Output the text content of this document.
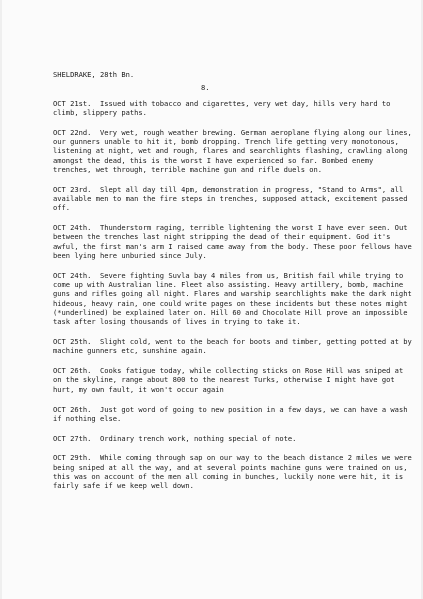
SHELDRAKE, 28th Bn.
8.
OCT 21st. Issued with tobacco and cigarettes, very wet day, hills very hard to climb, slippery paths.
OCT 22nd. Very wet, rough weather brewing. German aeroplane flying along our lines, our gunners unable to hit it, bomb dropping. Trench life getting very monotonous, listening at night, wet and rough, flares and searchlights flashing, crawling along amongst the dead, this is the worst I have experienced so far. Bombed enemy trenches, wet through, terrible machine gun and rifle duels on.
OCT 23rd. Slept all day till 4pm, demonstration in progress, "Stand to Arms", all available men to man the fire steps in trenches, supposed attack, excitement passed off.
OCT 24th. Thunderstorm raging, terrible lightening the worst I have ever seen. Out between the trenches last night stripping the dead of their equipment. God it's awful, the first man's arm I raised came away from the body. These poor fellows have been lying here unburied since July.
OCT 24th. Severe fighting Suvla bay 4 miles from us, British fail while trying to come up with Australian line. Fleet also assisting. Heavy artillery, bomb, machine guns and rifles going all night. Flares and warship searchlights make the dark night hideous, heavy rain, one could write pages on these incidents but these notes might (*underlined) be explained later on. Hill 60 and Chocolate Hill prove an impossible task after losing thousands of lives in trying to take it.
OCT 25th. Slight cold, went to the beach for boots and timber, getting potted at by machine gunners etc, sunshine again.
OCT 26th. Cooks fatigue today, while collecting sticks on Rose Hill was sniped at on the skyline, range about 800 to the nearest Turks, otherwise I might have got hurt, my own fault, it won't occur again
OCT 26th. Just got word of going to new position in a few days, we can have a wash if nothing else.
OCT 27th. Ordinary trench work, nothing special of note.
OCT 29th. While coming through sap on our way to the beach distance 2 miles we were being sniped at all the way, and at several points machine guns were trained on us, this was on account of the men all coming in bunches, luckily none were hit, it is fairly safe if we keep well down.
